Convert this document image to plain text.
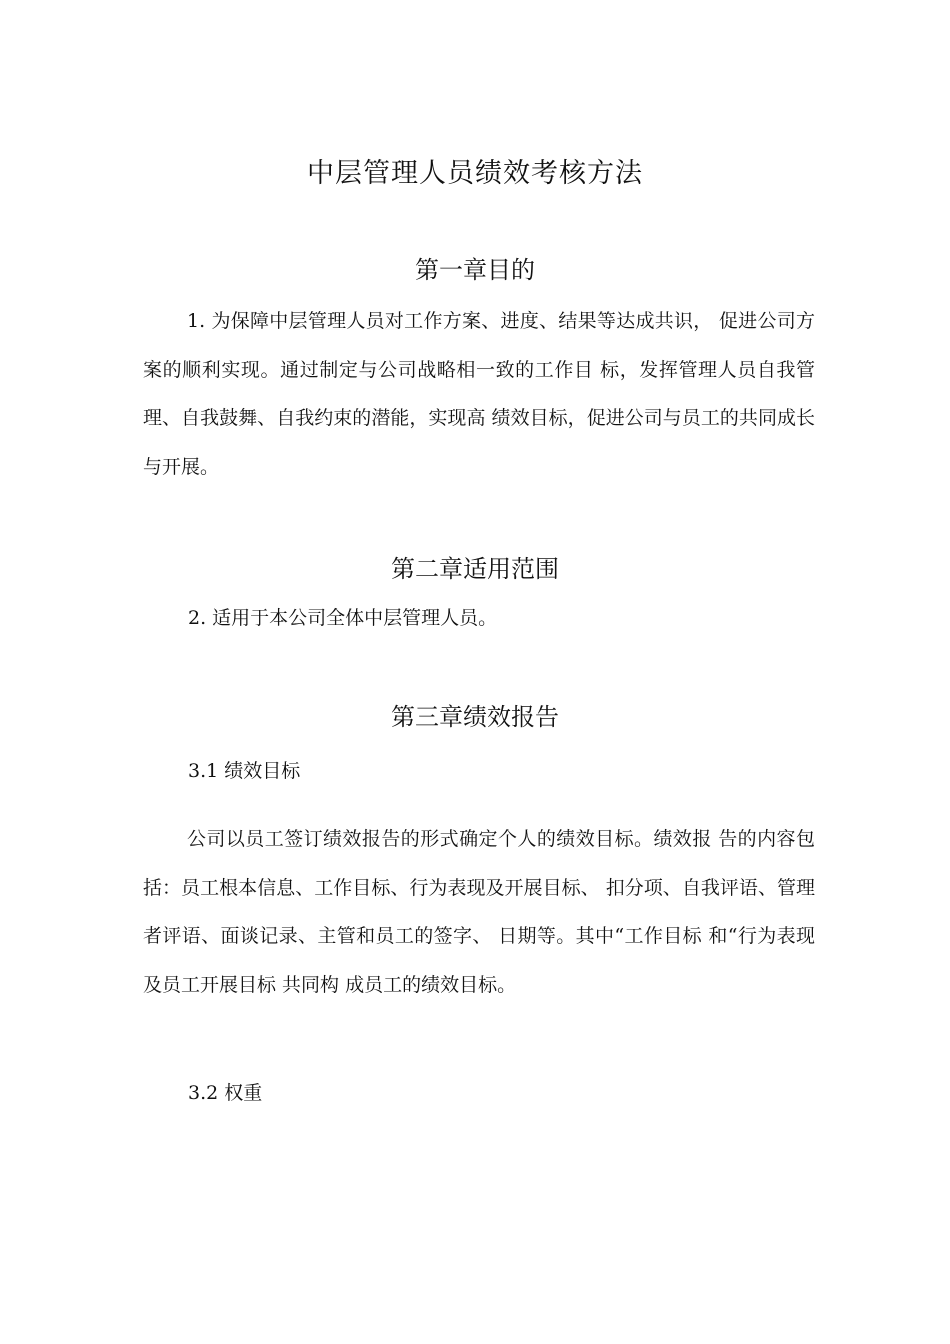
中层管理人员绩效考核方法
第一章目的

1. 为保障中层管理人员对工作方案、进度、结果等达成共识， 促进公司方案的顺利实现。通过制定与公司战略相一致的工作目 标，发挥管理人员自我管理、自我鼓舞、自我约束的潜能，实现高 绩效目标，促进公司与员工的共同成长与开展。

第二章适用范围
2. 适用于本公司全体中层管理人员。
第三章绩效报告
3.1 绩效目标

公司以员工签订绩效报告的形式确定个人的绩效目标。绩效报 告的内容包括：员工根本信息、工作目标、行为表现及开展目标、 扣分项、自我评语、管理者评语、面谈记录、主管和员工的签字、 日期等。其中“工作目标 和“行为表现及员工开展目标 共同构 成员工的绩效目标。

3.2 权重
